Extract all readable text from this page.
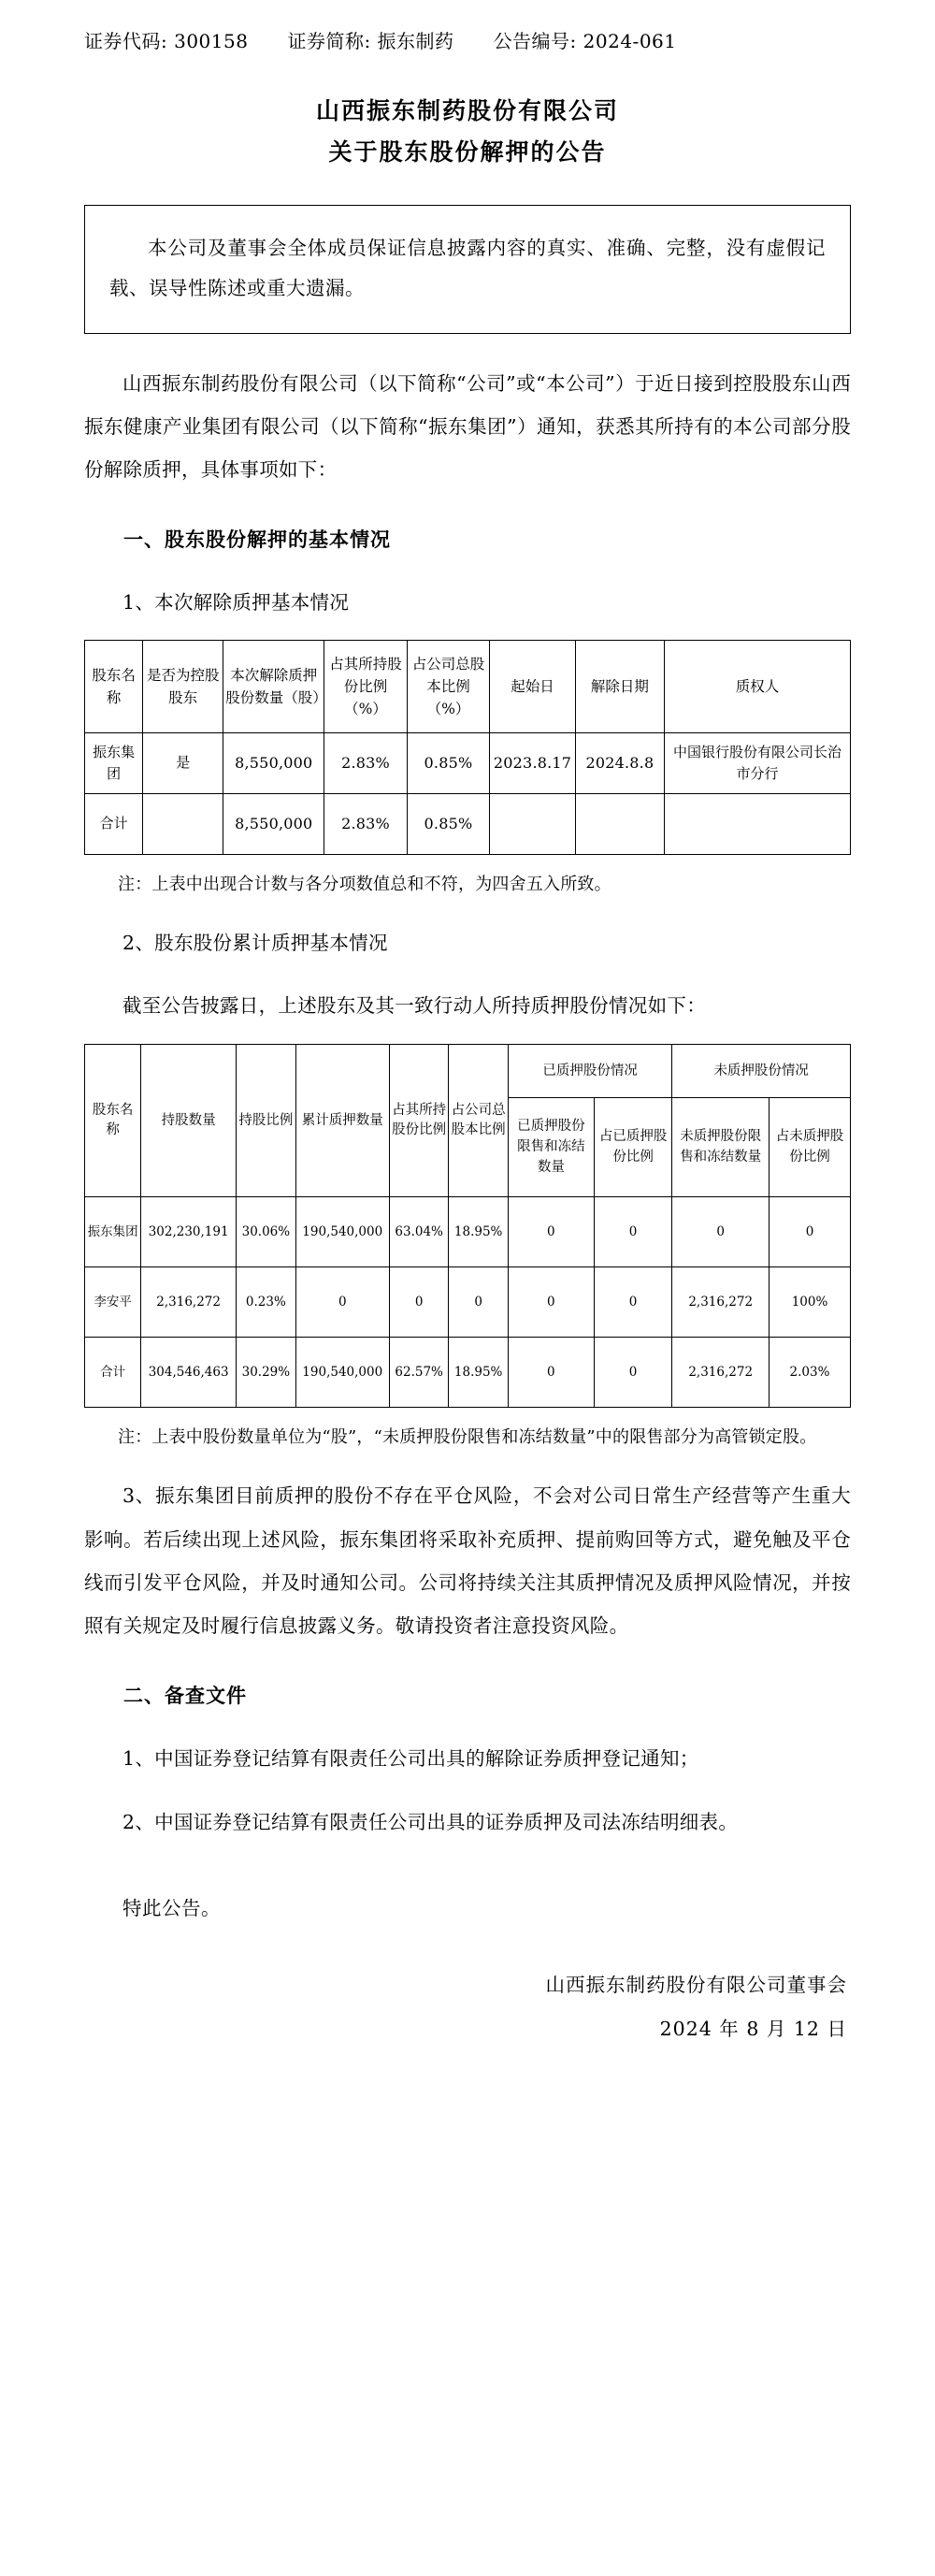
证券代码: 300158 证券简称: 振东制药 公告编号: 2024-061
山西振东制药股份有限公司
关于股东股份解押的公告
本公司及董事会全体成员保证信息披露内容的真实、准确、完整，没有虚假记载、误导性陈述或重大遗漏。

山西振东制药股份有限公司（以下简称“公司”或“本公司”）于近日接到控股股东山西振东健康产业集团有限公司（以下简称“振东集团”）通知，获悉其所持有的本公司部分股份解除质押，具体事项如下：

一、股东股份解押的基本情况
1、本次解除质押基本情况
股东名称	是否为控股股东	本次解除质押股份数量（股）	占其所持股份比例（%）	占公司总股本比例（%）	起始日	解除日期	质权人
振东集团	是	8,550,000	2.83%	0.85%	2023.8.17	2024.8.8	中国银行股份有限公司长治市分行
合计		8,550,000	2.83%	0.85%			

注：上表中出现合计数与各分项数值总和不符，为四舍五入所致。

2、股东股份累计质押基本情况

截至公告披露日，上述股东及其一致行动人所持质押股份情况如下：

股东名称	持股数量	持股比例	累计质押数量	占其所持股份比例	占公司总股本比例	已质押股份情况		未质押股份情况	
						已质押股份限售和冻结数量	占已质押股份比例	未质押股份限售和冻结数量	占未质押股份比例
振东集团	302,230,191	30.06%	190,540,000	63.04%	18.95%	0	0	0	0
李安平	2,316,272	0.23%	0	0	0	0	0	2,316,272	100%
合计	304,546,463	30.29%	190,540,000	62.57%	18.95%	0	0	2,316,272	2.03%

注：上表中股份数量单位为“股”，“未质押股份限售和冻结数量”中的限售部分为高管锁定股。

3、振东集团目前质押的股份不存在平仓风险，不会对公司日常生产经营等产生重大影响。若后续出现上述风险，振东集团将采取补充质押、提前购回等方式，避免触及平仓线而引发平仓风险，并及时通知公司。公司将持续关注其质押情况及质押风险情况，并按照有关规定及时履行信息披露义务。敬请投资者注意投资风险。

二、备查文件

1、中国证券登记结算有限责任公司出具的解除证券质押登记通知；

2、中国证券登记结算有限责任公司出具的证券质押及司法冻结明细表。

特此公告。
山西振东制药股份有限公司董事会
2024 年 8 月 12 日
